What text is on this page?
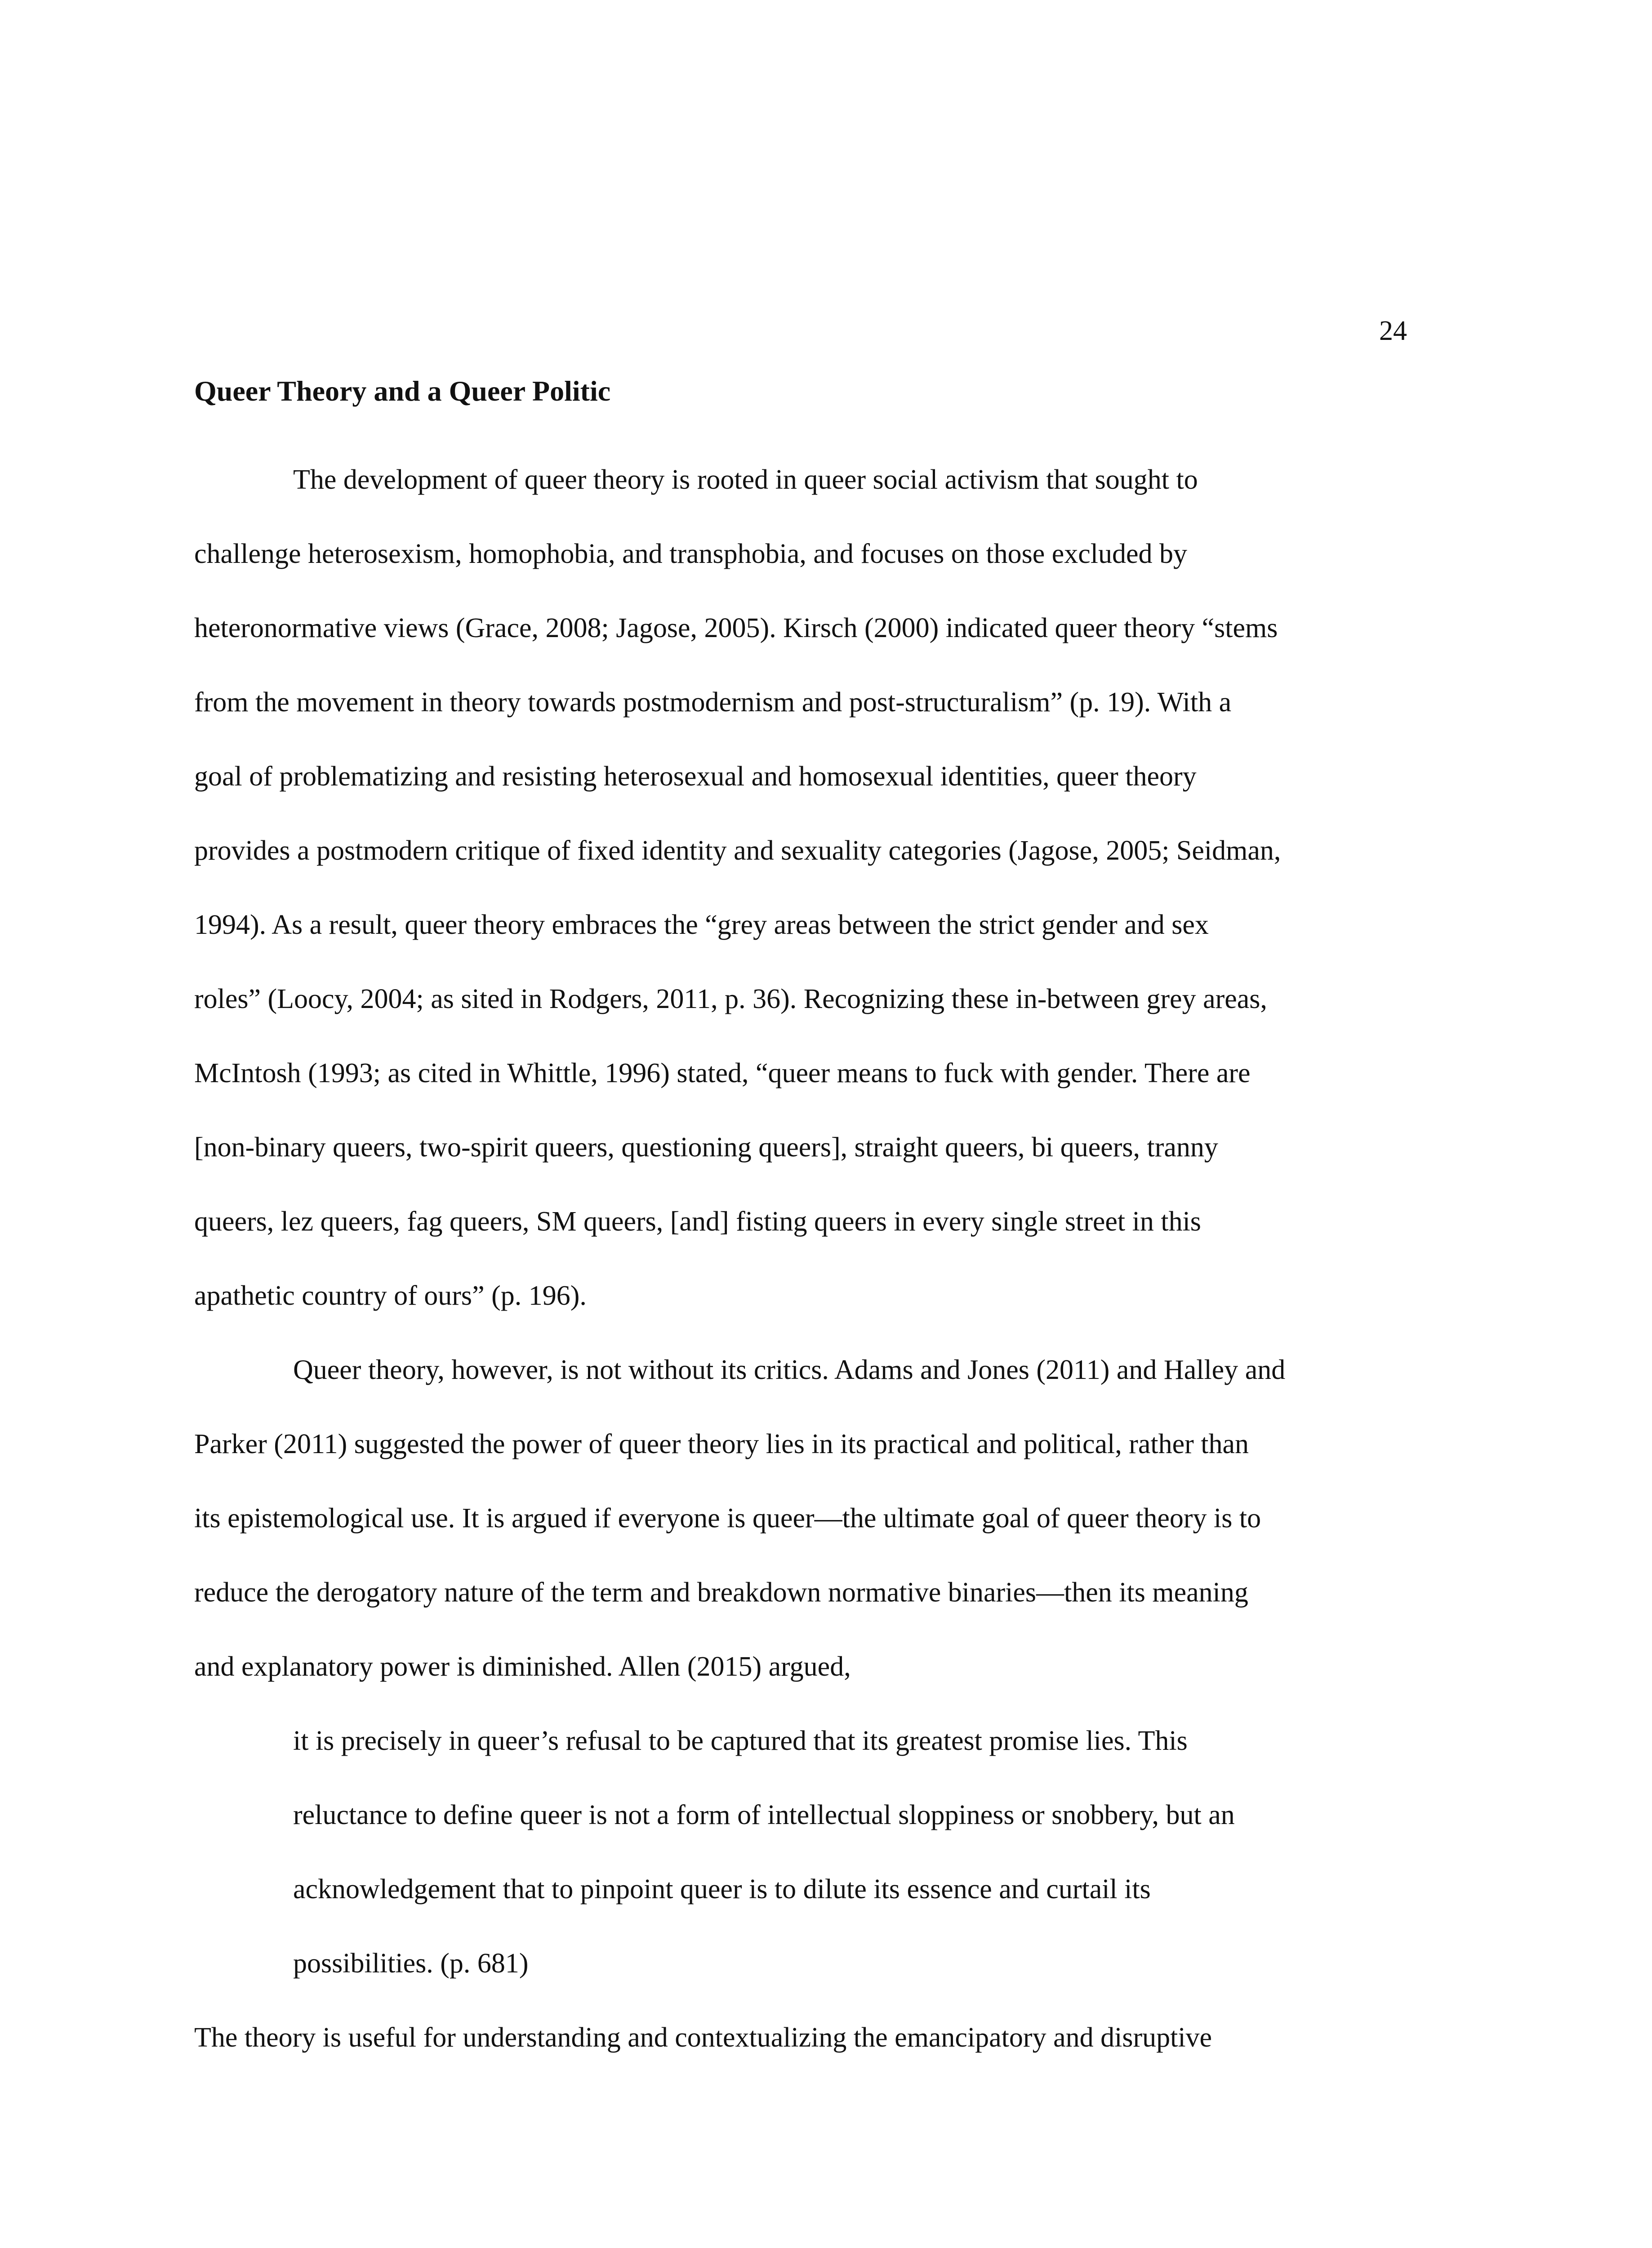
24
Queer Theory and a Queer Politic
The development of queer theory is rooted in queer social activism that sought to
challenge heterosexism, homophobia, and transphobia, and focuses on those excluded by
heteronormative views (Grace, 2008; Jagose, 2005). Kirsch (2000) indicated queer theory “stems
from the movement in theory towards postmodernism and post-structuralism” (p. 19). With a
goal of problematizing and resisting heterosexual and homosexual identities, queer theory
provides a postmodern critique of fixed identity and sexuality categories (Jagose, 2005; Seidman,
1994). As a result, queer theory embraces the “grey areas between the strict gender and sex
roles” (Loocy, 2004; as sited in Rodgers, 2011, p. 36). Recognizing these in-between grey areas,
McIntosh (1993; as cited in Whittle, 1996) stated, “queer means to fuck with gender. There are
[non-binary queers, two-spirit queers, questioning queers], straight queers, bi queers, tranny
queers, lez queers, fag queers, SM queers, [and] fisting queers in every single street in this
apathetic country of ours” (p. 196).
Queer theory, however, is not without its critics. Adams and Jones (2011) and Halley and
Parker (2011) suggested the power of queer theory lies in its practical and political, rather than
its epistemological use. It is argued if everyone is queer—the ultimate goal of queer theory is to
reduce the derogatory nature of the term and breakdown normative binaries—then its meaning
and explanatory power is diminished. Allen (2015) argued,
it is precisely in queer’s refusal to be captured that its greatest promise lies. This
reluctance to define queer is not a form of intellectual sloppiness or snobbery, but an
acknowledgement that to pinpoint queer is to dilute its essence and curtail its
possibilities. (p. 681)
The theory is useful for understanding and contextualizing the emancipatory and disruptive
